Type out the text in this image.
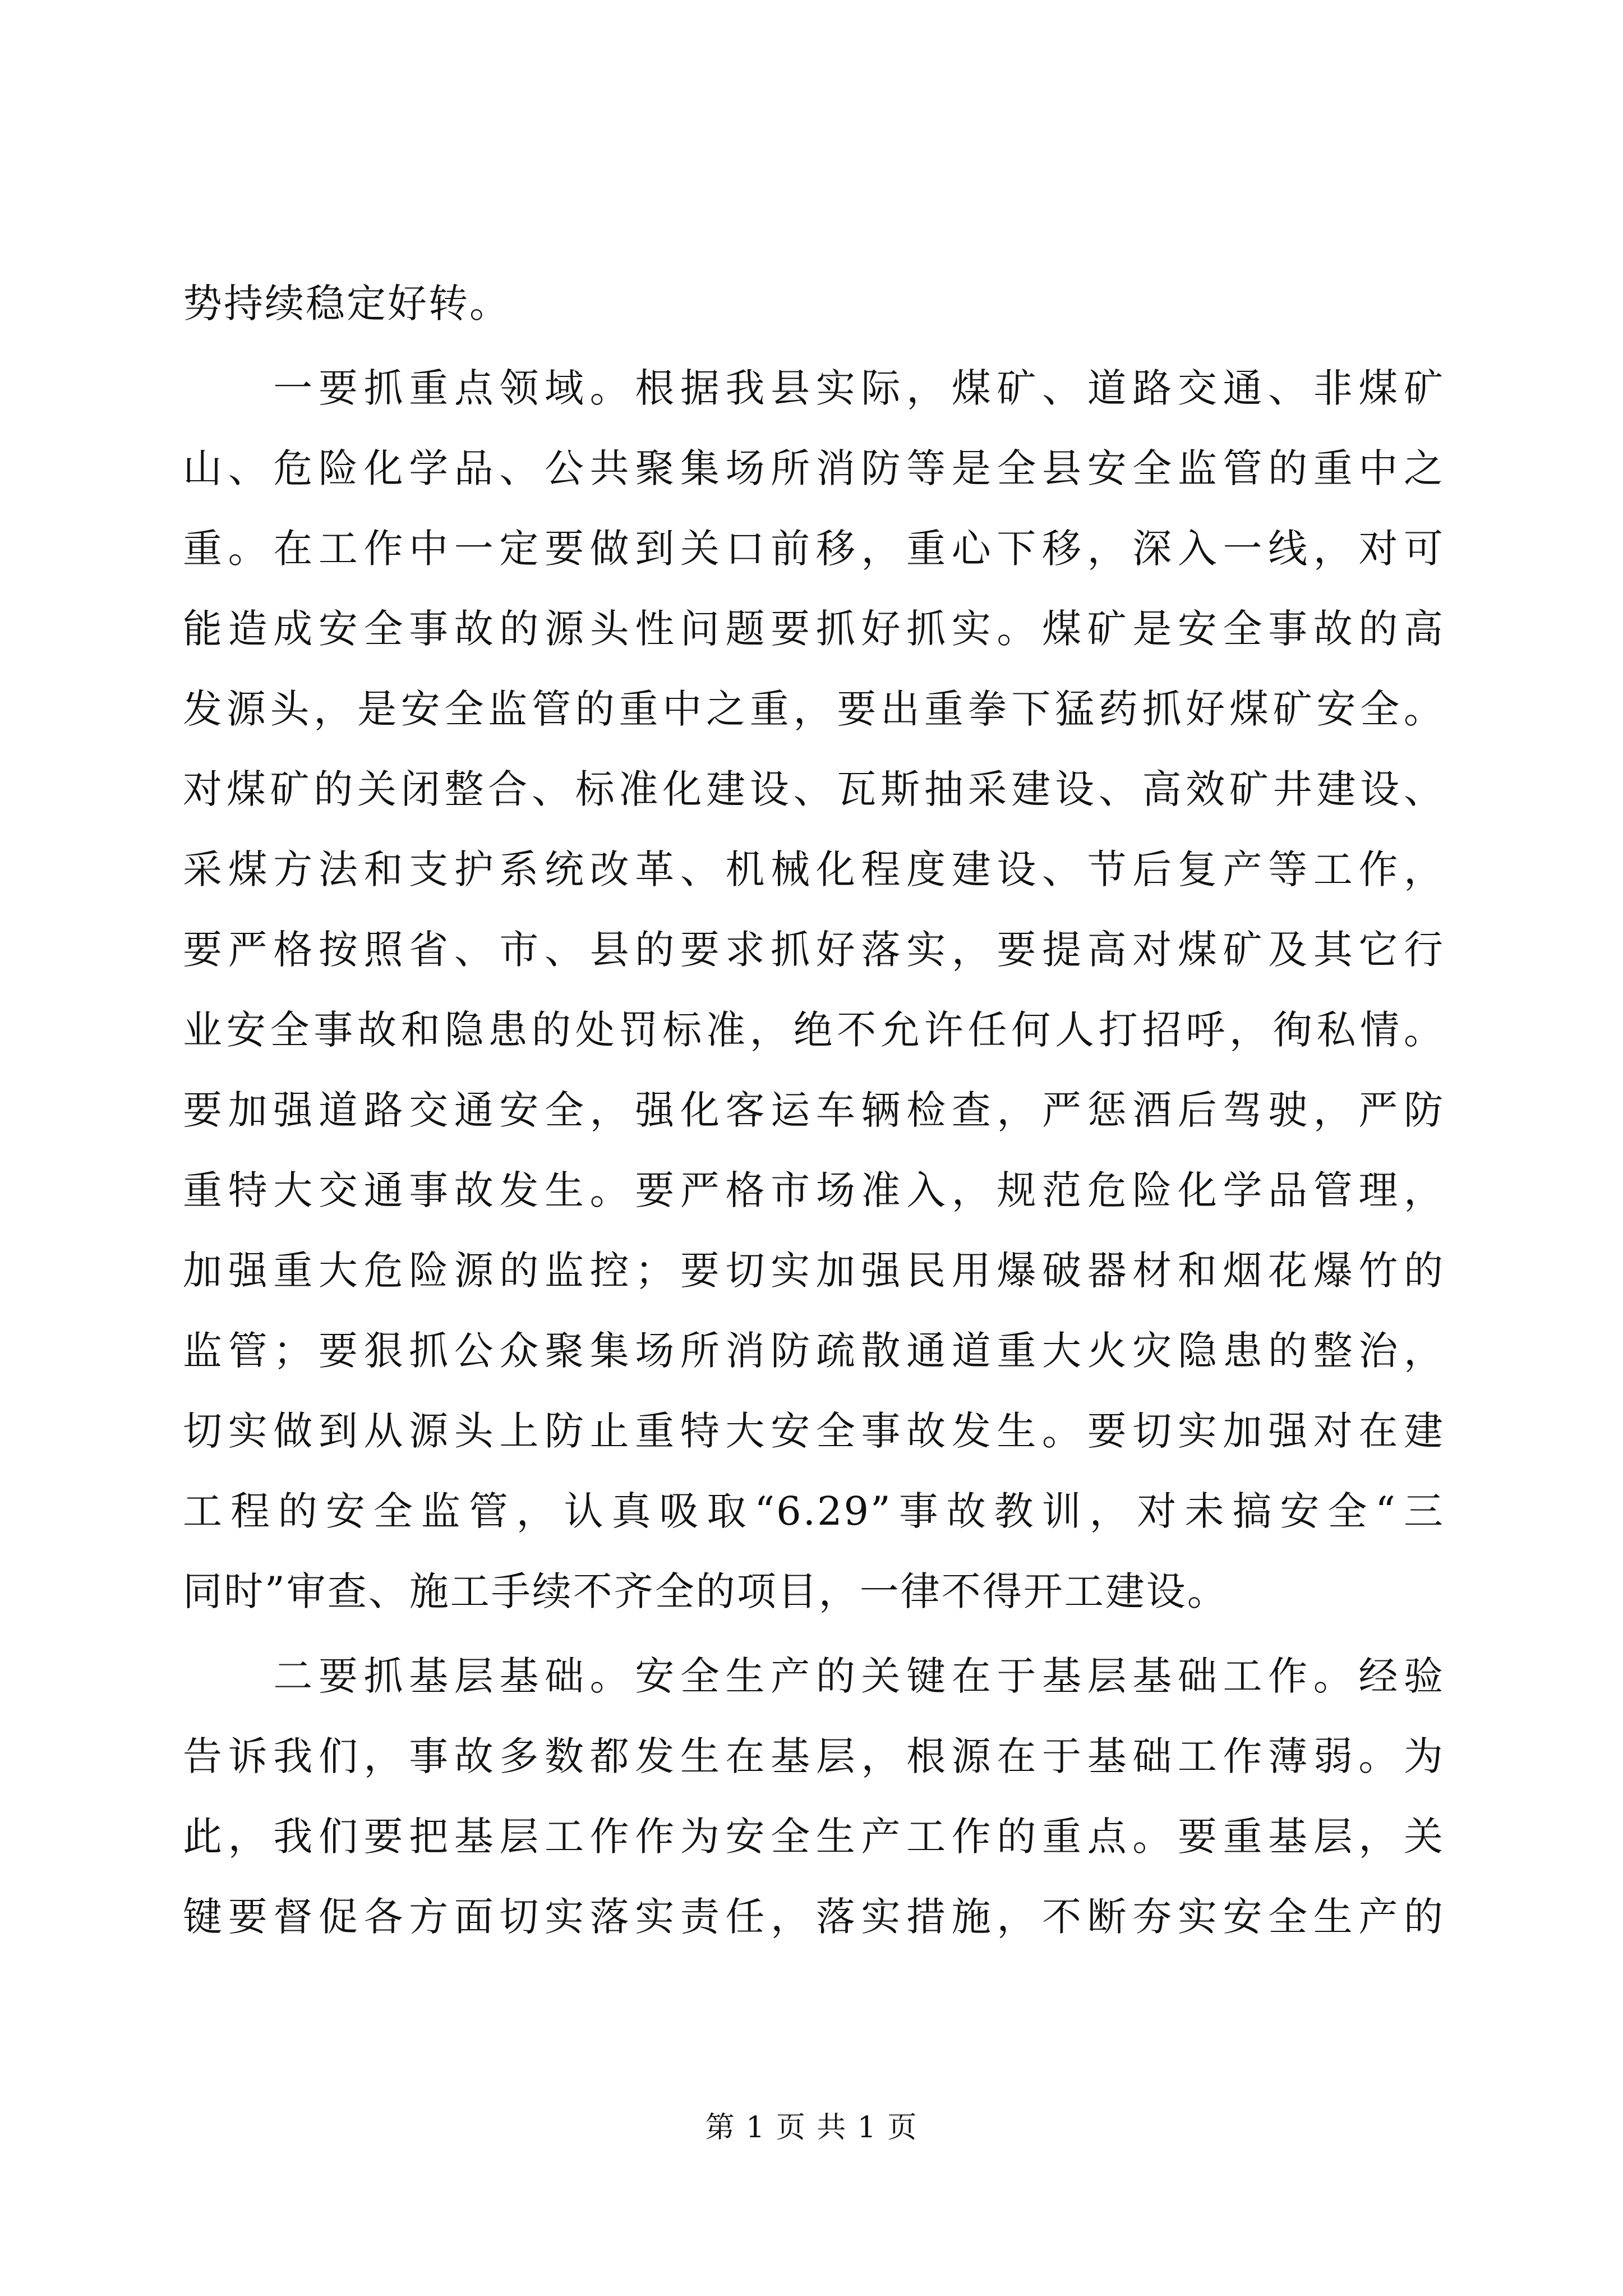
势持续稳定好转。
　　一要抓重点领域。根据我县实际，煤矿、道路交通、非煤矿
山、危险化学品、公共聚集场所消防等是全县安全监管的重中之
重。在工作中一定要做到关口前移，重心下移，深入一线，对可
能造成安全事故的源头性问题要抓好抓实。煤矿是安全事故的高
发源头，是安全监管的重中之重，要出重拳下猛药抓好煤矿安全。
对煤矿的关闭整合、标准化建设、瓦斯抽采建设、高效矿井建设、
采煤方法和支护系统改革、机械化程度建设、节后复产等工作，
要严格按照省、市、县的要求抓好落实，要提高对煤矿及其它行
业安全事故和隐患的处罚标准，绝不允许任何人打招呼，徇私情。
要加强道路交通安全，强化客运车辆检查，严惩酒后驾驶，严防
重特大交通事故发生。要严格市场准入，规范危险化学品管理，
加强重大危险源的监控；要切实加强民用爆破器材和烟花爆竹的
监管；要狠抓公众聚集场所消防疏散通道重大火灾隐患的整治，
切实做到从源头上防止重特大安全事故发生。要切实加强对在建
工程的安全监管，认真吸取“6.29”事故教训，对未搞安全“三
同时”审查、施工手续不齐全的项目，一律不得开工建设。
　　二要抓基层基础。安全生产的关键在于基层基础工作。经验
告诉我们，事故多数都发生在基层，根源在于基础工作薄弱。为
此，我们要把基层工作作为安全生产工作的重点。要重基层，关
键要督促各方面切实落实责任，落实措施，不断夯实安全生产的
第 1 页 共 1 页
